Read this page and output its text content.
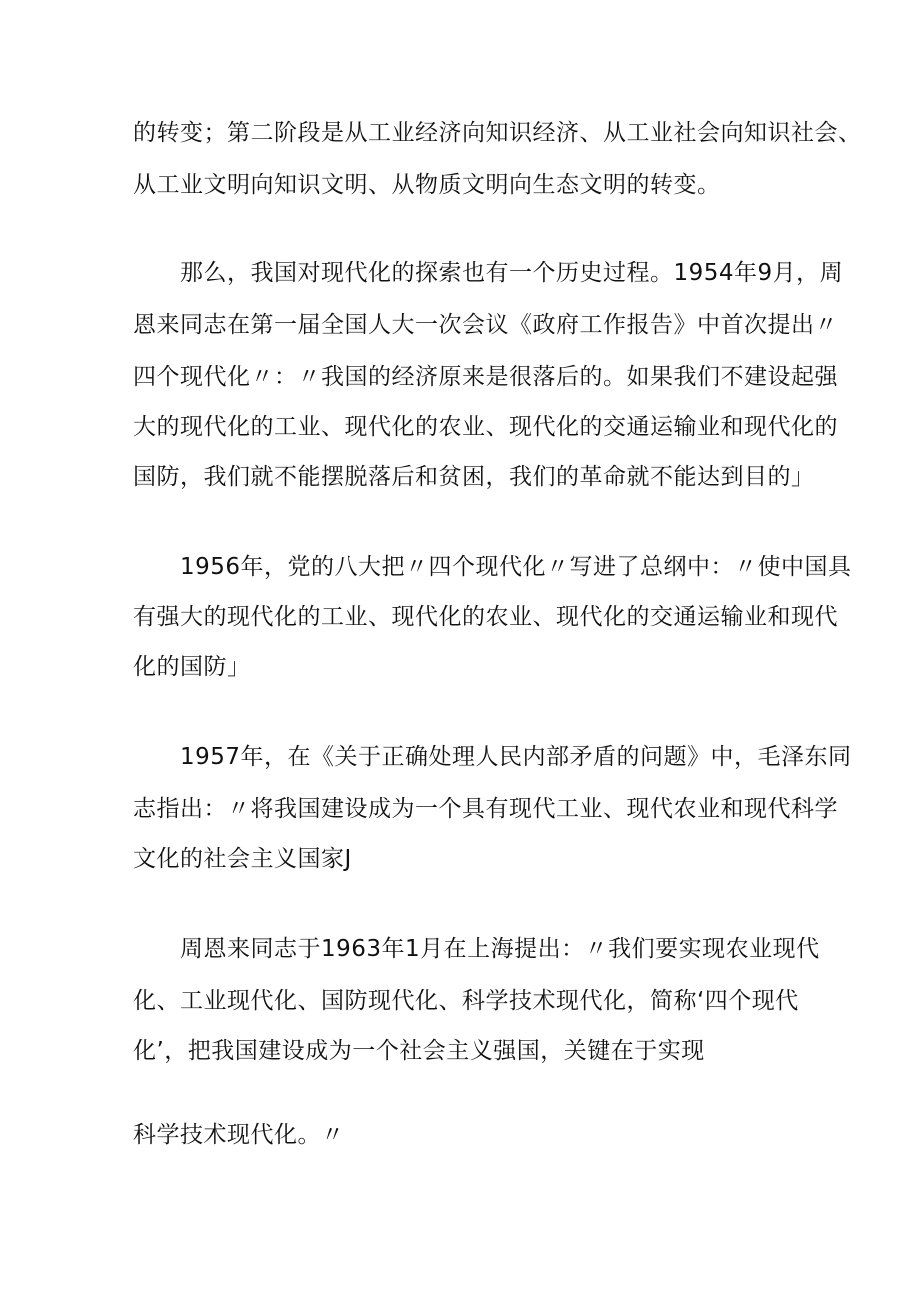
的转变；第二阶段是从工业经济向知识经济、从工业社会向知识社会、
从工业文明向知识文明、从物质文明向生态文明的转变。
那么，我国对现代化的探索也有一个历史过程。1954年9月，周
恩来同志在第一届全国人大一次会议《政府工作报告》中首次提出〃
四个现代化〃：〃我国的经济原来是很落后的。如果我们不建设起强
大的现代化的工业、现代化的农业、现代化的交通运输业和现代化的
国防，我们就不能摆脱落后和贫困，我们的革命就不能达到目的」
1956年，党的八大把〃四个现代化〃写进了总纲中：〃使中国具
有强大的现代化的工业、现代化的农业、现代化的交通运输业和现代
化的国防」
1957年，在《关于正确处理人民内部矛盾的问题》中，毛泽东同
志指出：〃将我国建设成为一个具有现代工业、现代农业和现代科学
文化的社会主义国家J
周恩来同志于1963年1月在上海提出：〃我们要实现农业现代
化、工业现代化、国防现代化、科学技术现代化，简称‘四个现代
化’，把我国建设成为一个社会主义强国，关键在于实现
科学技术现代化。〃
